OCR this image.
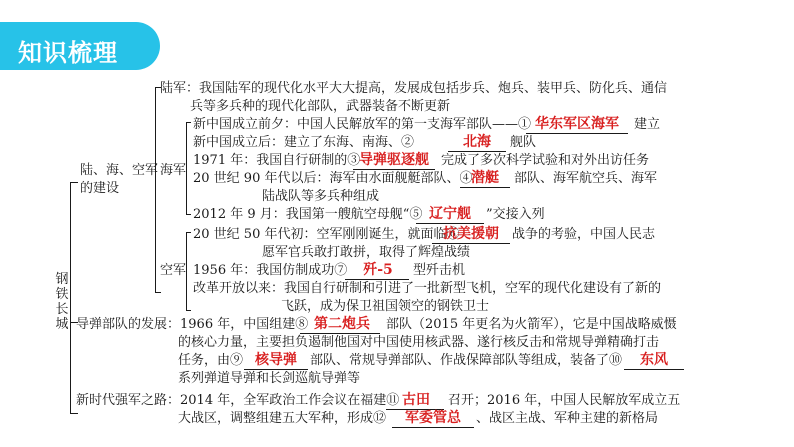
知识梳理
钢铁长城
陆、海、空军
的建设
陆军：我国陆军的现代化水平大大提高，发展成包括步兵、炮兵、装甲兵、防化兵、通信
兵等多兵种的现代化部队，武器装备不断更新
海军
新中国成立前夕：中国人民解放军的第一支海军部队——① 华东军区海军	建立
新中国成立后：建立了东海、南海、②	北海	舰队
1971 年：我国自行研制的③
导弹驱逐舰 完成了多次科学试验和对外出访任务
20 世纪 90 年代以后：海军由水面舰艇部队、④
潜艇	部队、海军航空兵、海军
陆战队等多兵种组成
2012 年 9 月：我国第一艘航空母舰“⑤ 辽宁舰	”交接入列
空军
20 世纪 50 年代初：空军刚刚诞生，就面临⑥
抗美援朝	战争的考验，中国人民志
愿军官兵敢打敢拼，取得了辉煌战绩
1956 年：我国仿制成功⑦	歼-5	型歼击机
改革开放以来：我国自行研制和引进了一批新型飞机，空军的现代化建设有了新的
飞跃，成为保卫祖国领空的钢铁卫士
导弹部队的发展：1966 年，中国组建⑧ 第二炮兵	部队（2015 年更名为火箭军），它是中国战略威慑
的核心力量，主要担负遏制他国对中国使用核武器、遂行核反击和常规导弹精确打击
任务，由⑨ 核导弹	部队、常规导弹部队、作战保障部队等组成，装备了⑩	东风
系列弹道导弹和长剑巡航导弹等
新时代强军之路：2014 年，全军政治工作会议在福建⑪ 古田	召开；2016 年，中国人民解放军成立五
大战区，调整组建五大军种，形成⑫	军委管总	、战区主战、军种主建的新格局
